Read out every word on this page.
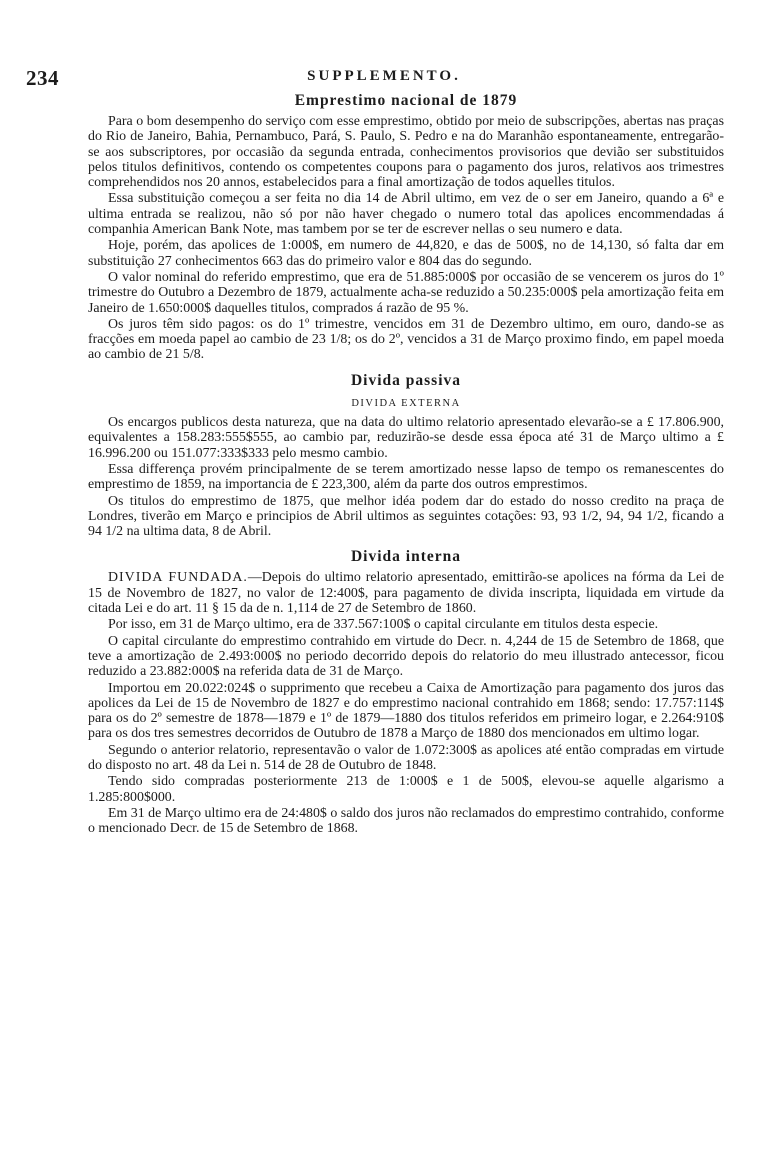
234	SUPPLEMENTO.
Emprestimo nacional de 1879

Para o bom desempenho do serviço com esse emprestimo, obtido por meio de subscripções, abertas nas praças do Rio de Janeiro, Bahia, Pernambuco, Pará, S. Paulo, S. Pedro e na do Maranhão espontaneamente, entregarão-se aos subscriptores, por occasião da segunda entrada, conhecimentos provisorios que devião ser substituidos pelos titulos definitivos, contendo os competentes coupons para o pagamento dos juros, relativos aos trimestres comprehendidos nos 20 annos, estabelecidos para a final amortização de todos aquelles titulos.

Essa substituição começou a ser feita no dia 14 de Abril ultimo, em vez de o ser em Janeiro, quando a 6ª e ultima entrada se realizou, não só por não haver chegado o numero total das apolices encommendadas á companhia American Bank Note, mas tambem por se ter de escrever nellas o seu numero e data.

Hoje, porém, das apolices de 1:000$, em numero de 44,820, e das de 500$, no de 14,130, só falta dar em substituição 27 conhecimentos 663 das do primeiro valor e 804 das do segundo.

O valor nominal do referido emprestimo, que era de 51.885:000$ por occasião de se vencerem os juros do 1º trimestre do Outubro a Dezembro de 1879, actualmente acha-se reduzido a 50.235:000$ pela amortização feita em Janeiro de 1.650:000$ daquelles titulos, comprados á razão de 95 %.

Os juros têm sido pagos: os do 1º trimestre, vencidos em 31 de Dezembro ultimo, em ouro, dando-se as fracções em moeda papel ao cambio de 23 1/8; os do 2º, vencidos a 31 de Março proximo findo, em papel moeda ao cambio de 21 5/8.

Divida passiva
DIVIDA EXTERNA

Os encargos publicos desta natureza, que na data do ultimo relatorio apresentado elevarão-se a £ 17.806.900, equivalentes a 158.283:555$555, ao cambio par, reduzirão-se desde essa época até 31 de Março ultimo a £ 16.996.200 ou 151.077:333$333 pelo mesmo cambio.

Essa differença provém principalmente de se terem amortizado nesse lapso de tempo os remanescentes do emprestimo de 1859, na importancia de £ 223,300, além da parte dos outros emprestimos.

Os titulos do emprestimo de 1875, que melhor idéa podem dar do estado do nosso credito na praça de Londres, tiverão em Março e principios de Abril ultimos as seguintes cotações: 93, 93 1/2, 94, 94 1/2, ficando a 94 1/2 na ultima data, 8 de Abril.

Divida interna

DIVIDA FUNDADA.—Depois do ultimo relatorio apresentado, emittirão-se apolices na fórma da Lei de 15 de Novembro de 1827, no valor de 12:400$, para pagamento de divida inscripta, liquidada em virtude da citada Lei e do art. 11 § 15 da de n. 1,114 de 27 de Setembro de 1860.

Por isso, em 31 de Março ultimo, era de 337.567:100$ o capital circulante em titulos desta especie.

O capital circulante do emprestimo contrahido em virtude do Decr. n. 4,244 de 15 de Setembro de 1868, que teve a amortização de 2.493:000$ no periodo decorrido depois do relatorio do meu illustrado antecessor, ficou reduzido a 23.882:000$ na referida data de 31 de Março.

Importou em 20.022:024$ o supprimento que recebeu a Caixa de Amortização para pagamento dos juros das apolices da Lei de 15 de Novembro de 1827 e do emprestimo nacional contrahido em 1868; sendo: 17.757:114$ para os do 2º semestre de 1878—1879 e 1º de 1879—1880 dos titulos referidos em primeiro logar, e 2.264:910$ para os dos tres semestres decorridos de Outubro de 1878 a Março de 1880 dos mencionados em ultimo logar.

Segundo o anterior relatorio, representavão o valor de 1.072:300$ as apolices até então compradas em virtude do disposto no art. 48 da Lei n. 514 de 28 de Outubro de 1848.

Tendo sido compradas posteriormente 213 de 1:000$ e 1 de 500$, elevou-se aquelle algarismo a 1.285:800$000.

Em 31 de Março ultimo era de 24:480$ o saldo dos juros não reclamados do emprestimo contrahido, conforme o mencionado Decr. de 15 de Setembro de 1868.
